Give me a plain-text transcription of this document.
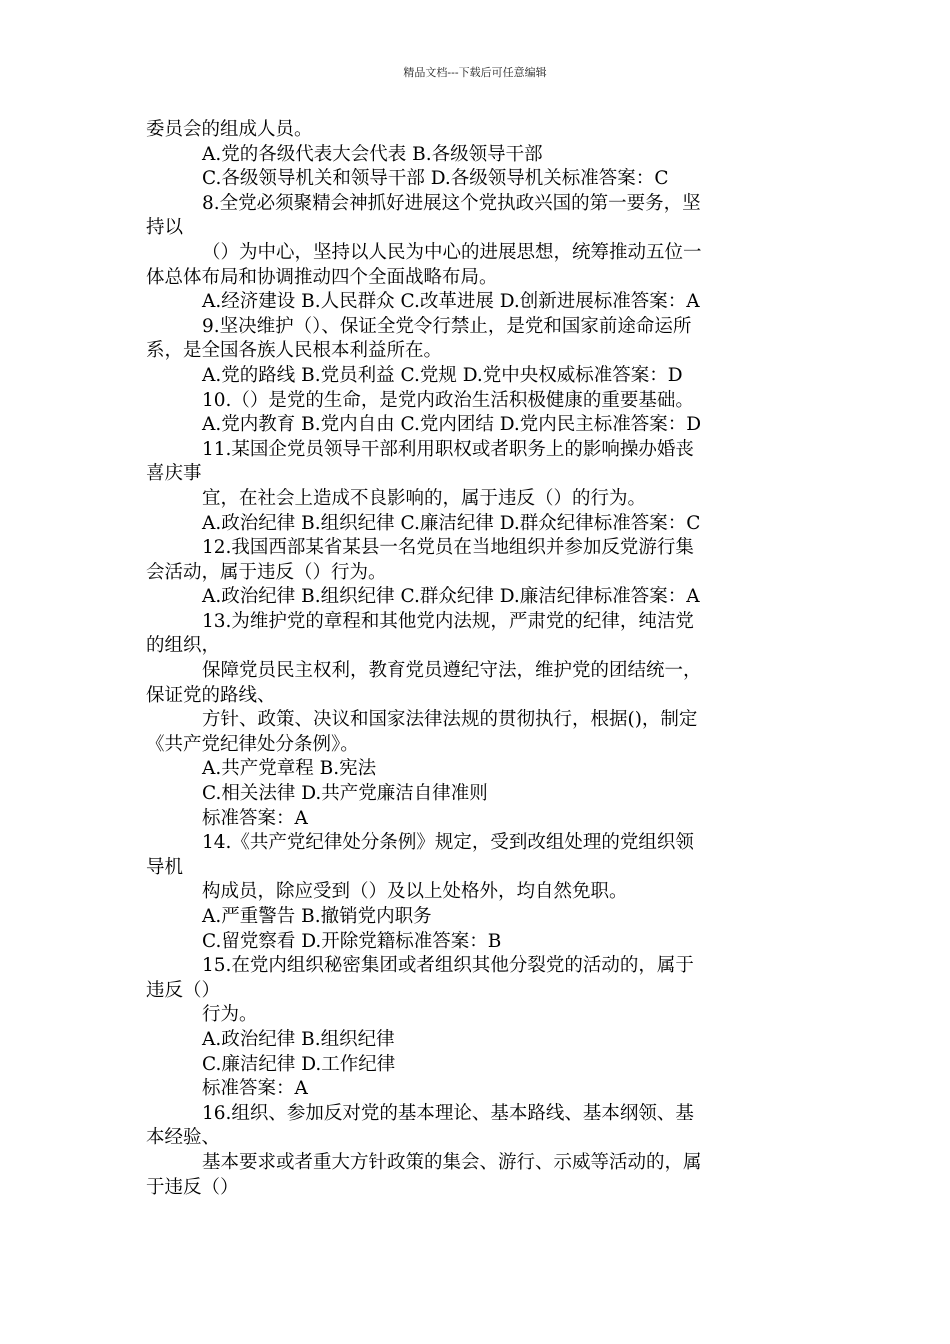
精品文档---下载后可任意编辑
委员会的组成人员。
A.党的各级代表大会代表 B.各级领导干部
C.各级领导机关和领导干部 D.各级领导机关标准答案：C
8.全党必须聚精会神抓好进展这个党执政兴国的第一要务，坚
持以
（）为中心，坚持以人民为中心的进展思想，统筹推动五位一
体总体布局和协调推动四个全面战略布局。
A.经济建设 B.人民群众 C.改革进展 D.创新进展标准答案：A
9.坚决维护（）、保证全党令行禁止，是党和国家前途命运所
系，是全国各族人民根本利益所在。
A.党的路线 B.党员利益 C.党规 D.党中央权威标准答案：D
10.（）是党的生命，是党内政治生活积极健康的重要基础。
A.党内教育 B.党内自由 C.党内团结 D.党内民主标准答案：D
11.某国企党员领导干部利用职权或者职务上的影响操办婚丧
喜庆事
宜，在社会上造成不良影响的，属于违反（）的行为。
A.政治纪律 B.组织纪律 C.廉洁纪律 D.群众纪律标准答案：C
12.我国西部某省某县一名党员在当地组织并参加反党游行集
会活动，属于违反（）行为。
A.政治纪律 B.组织纪律 C.群众纪律 D.廉洁纪律标准答案：A
13.为维护党的章程和其他党内法规，严肃党的纪律，纯洁党
的组织，
保障党员民主权利，教育党员遵纪守法，维护党的团结统一，
保证党的路线、
方针、政策、决议和国家法律法规的贯彻执行，根据()，制定
《共产党纪律处分条例》。
A.共产党章程 B.宪法
C.相关法律 D.共产党廉洁自律准则
标准答案：A
14.《共产党纪律处分条例》规定，受到改组处理的党组织领
导机
构成员，除应受到（）及以上处格外，均自然免职。
A.严重警告 B.撤销党内职务
C.留党察看 D.开除党籍标准答案：B
15.在党内组织秘密集团或者组织其他分裂党的活动的，属于
违反（）
行为。
A.政治纪律 B.组织纪律
C.廉洁纪律 D.工作纪律
标准答案：A
16.组织、参加反对党的基本理论、基本路线、基本纲领、基
本经验、
基本要求或者重大方针政策的集会、游行、示威等活动的，属
于违反（）
